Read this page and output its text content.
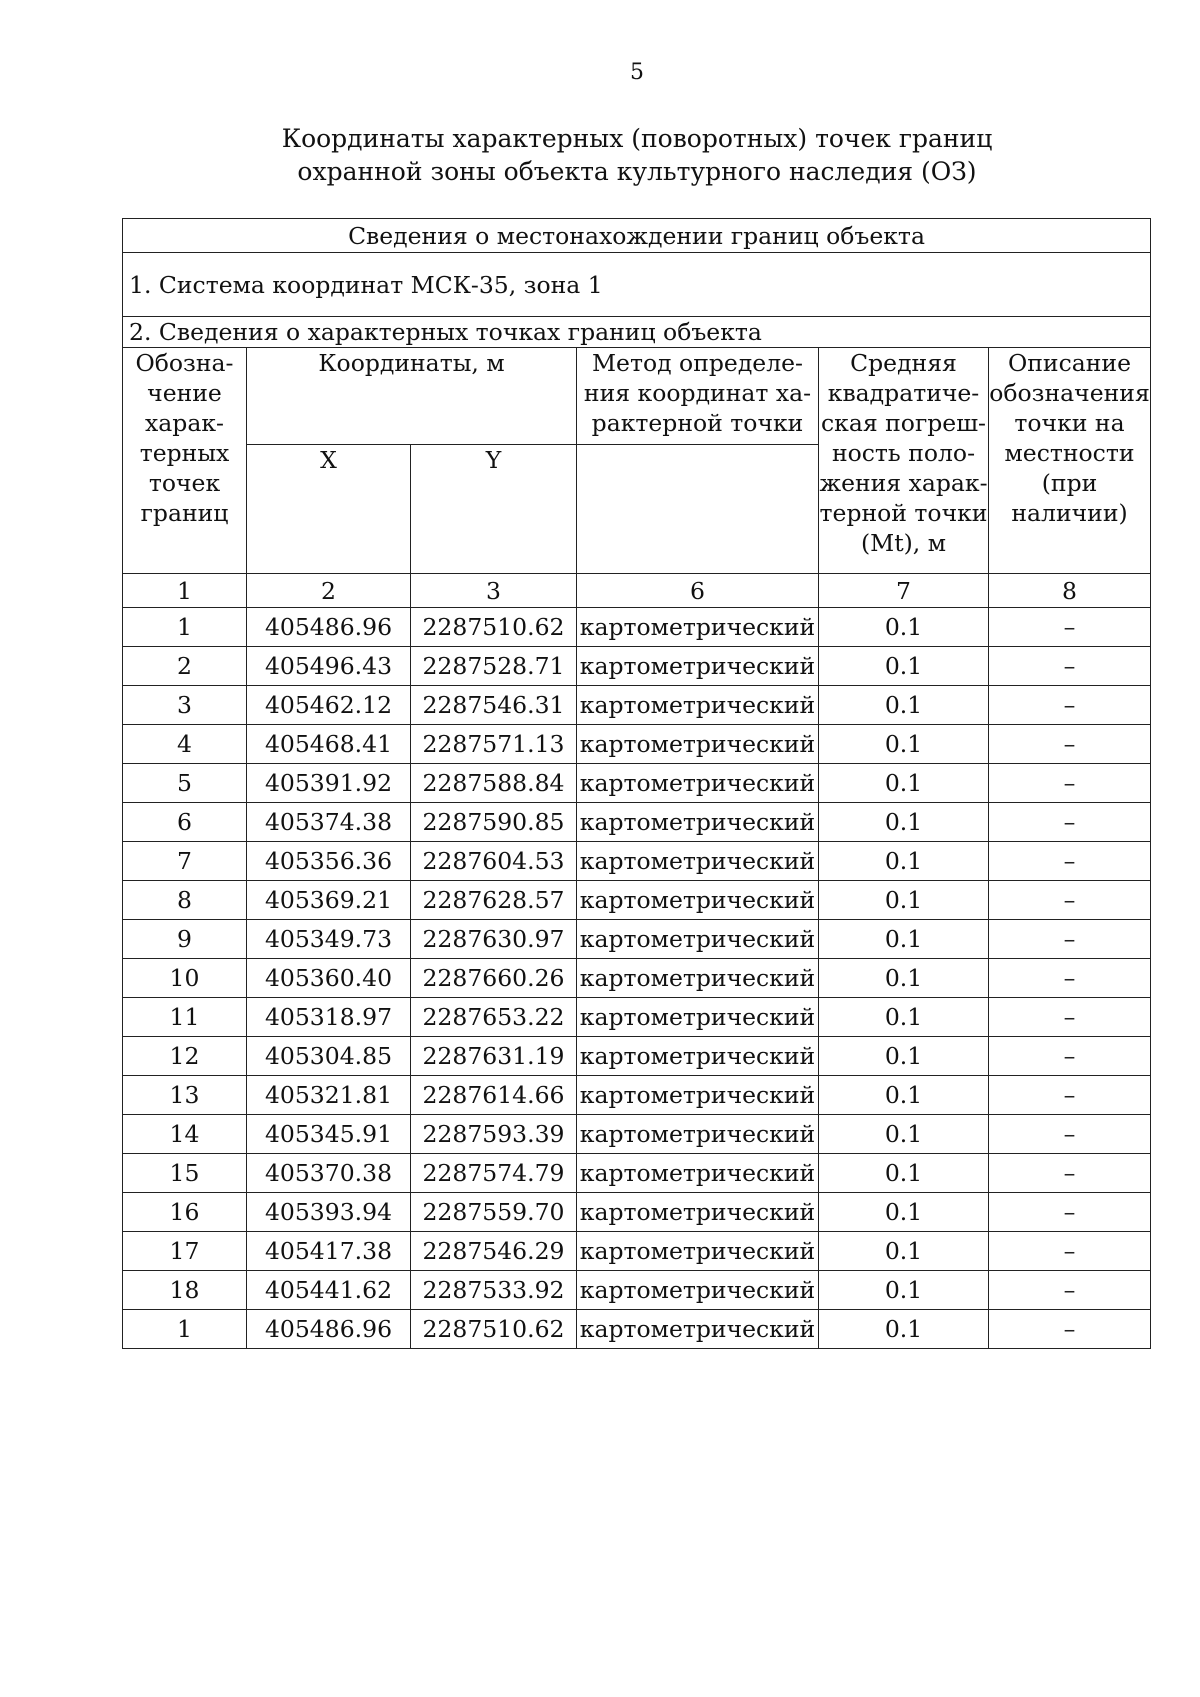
5
Координаты характерных (поворотных) точек границ
охранной зоны объекта культурного наследия (ОЗ)
Сведения о местонахождении границ объекта					
1. Система координат МСК-35, зона 1					
2. Сведения о характерных точках границ объекта					
Обозна-чение харак-терных точек границ	Координаты, м		Метод определе-ния координат ха-рактерной точки	Средняя квадратиче-ская погреш-ность поло-жения харак-терной точки (Mt), м	Описание обозначения точки на местности (при наличии)
	X	Y			
1	2	3	6	7	8
1	405486.96	2287510.62	картометрический	0.1	–
2	405496.43	2287528.71	картометрический	0.1	–
3	405462.12	2287546.31	картометрический	0.1	–
4	405468.41	2287571.13	картометрический	0.1	–
5	405391.92	2287588.84	картометрический	0.1	–
6	405374.38	2287590.85	картометрический	0.1	–
7	405356.36	2287604.53	картометрический	0.1	–
8	405369.21	2287628.57	картометрический	0.1	–
9	405349.73	2287630.97	картометрический	0.1	–
10	405360.40	2287660.26	картометрический	0.1	–
11	405318.97	2287653.22	картометрический	0.1	–
12	405304.85	2287631.19	картометрический	0.1	–
13	405321.81	2287614.66	картометрический	0.1	–
14	405345.91	2287593.39	картометрический	0.1	–
15	405370.38	2287574.79	картометрический	0.1	–
16	405393.94	2287559.70	картометрический	0.1	–
17	405417.38	2287546.29	картометрический	0.1	–
18	405441.62	2287533.92	картометрический	0.1	–
1	405486.96	2287510.62	картометрический	0.1	–
